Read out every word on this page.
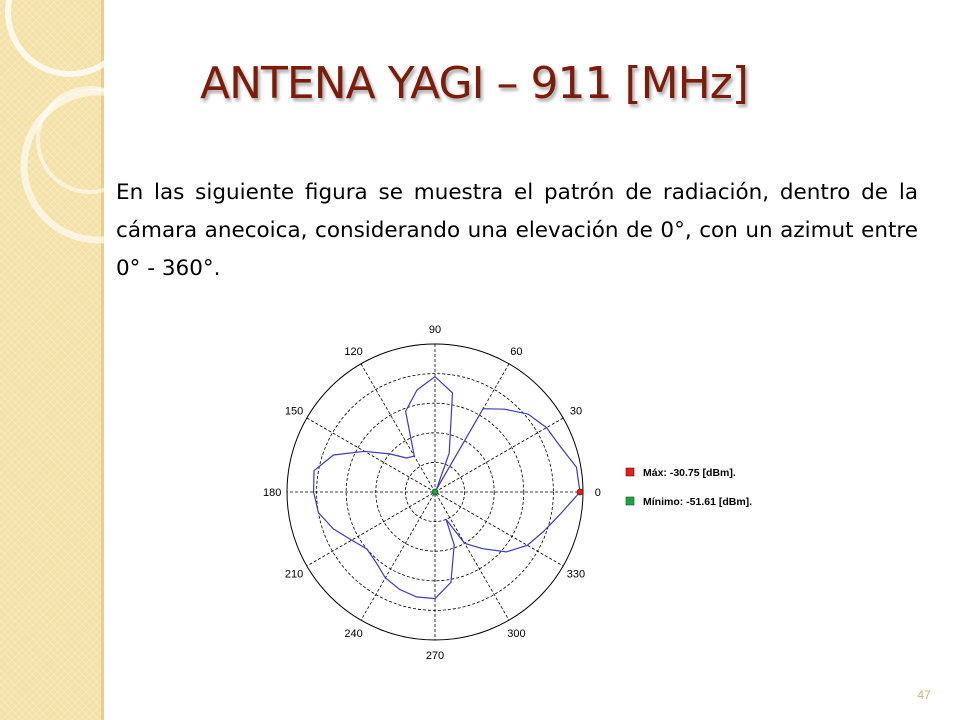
ANTENA YAGI – 911 [MHz]

En las siguiente figura se muestra el patrón de radiación, dentro de la cámara anecoica, considerando una elevación de 0°, con un azimut entre 0° - 360°.

0
30
60
90
120
150
180
210
240
270
300
330
Máx: -30.75 [dBm].
Mínimo: -51.61 [dBm].
47
